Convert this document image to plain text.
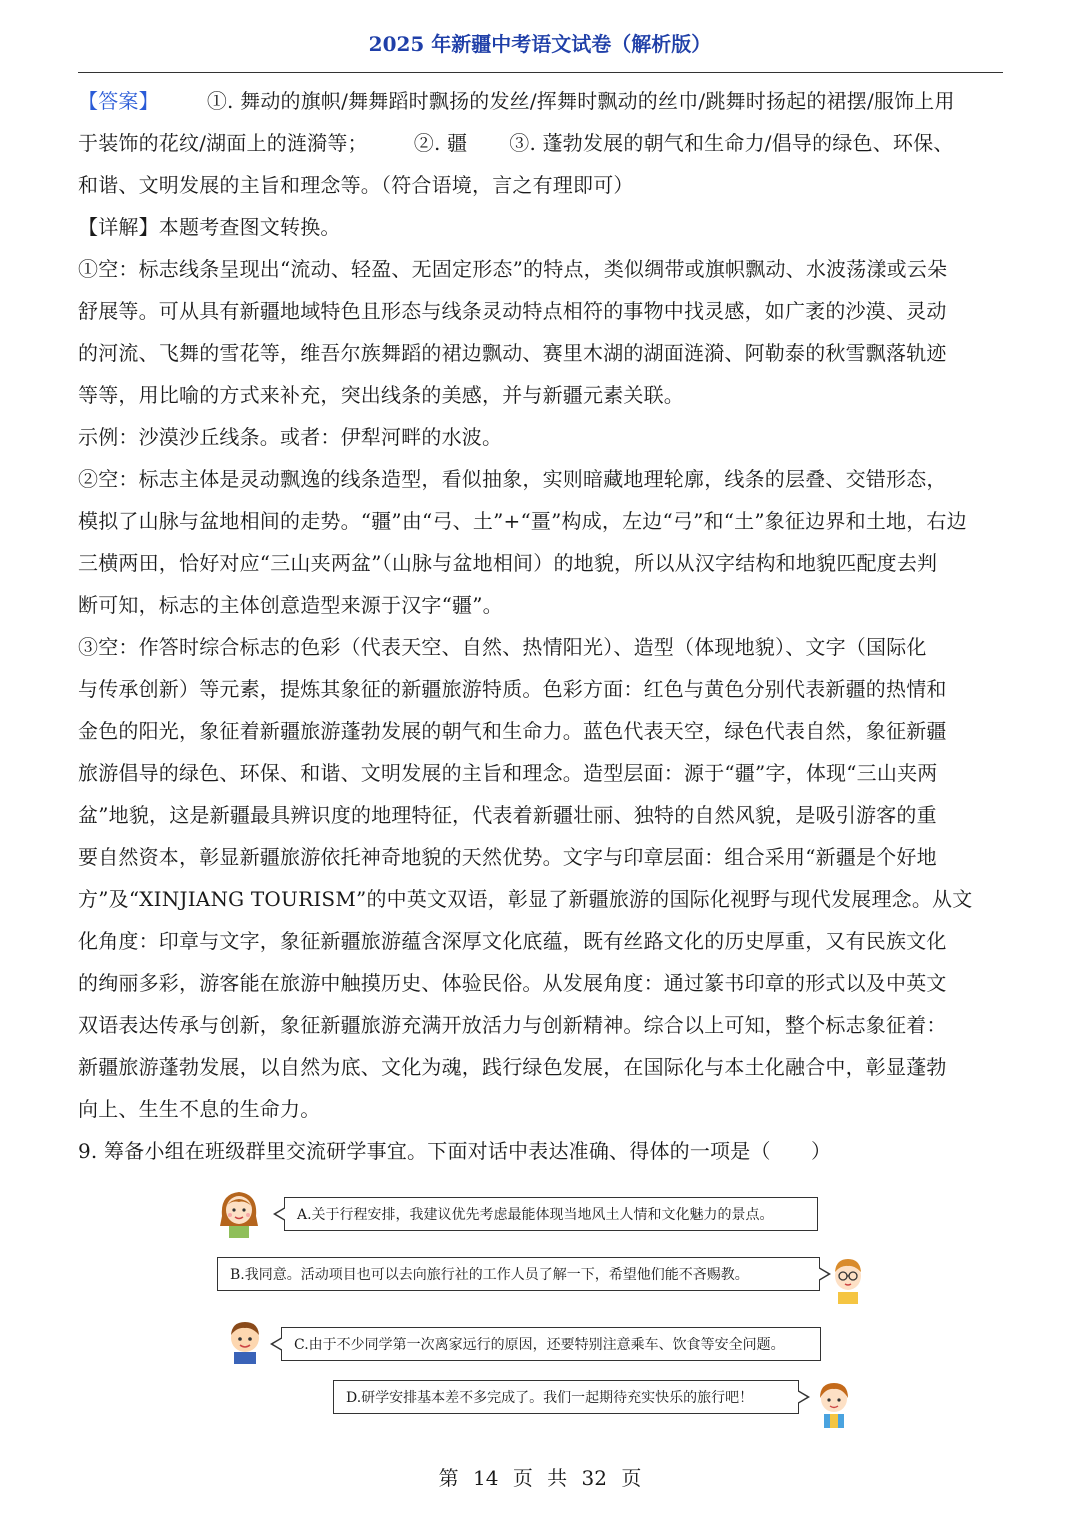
2025 年新疆中考语文试卷（解析版）

【答案】 ①. 舞动的旗帜/舞舞蹈时飘扬的发丝/挥舞时飘动的丝巾/跳舞时扬起的裙摆/服饰上用

于装饰的花纹/湖面上的涟漪等； ②. 疆 ③. 蓬勃发展的朝气和生命力/倡导的绿色、环保、

和谐、文明发展的主旨和理念等。（符合语境，言之有理即可）

【详解】本题考查图文转换。

①空：标志线条呈现出“流动、轻盈、无固定形态”的特点，类似绸带或旗帜飘动、水波荡漾或云朵

舒展等。可从具有新疆地域特色且形态与线条灵动特点相符的事物中找灵感，如广袤的沙漠、灵动

的河流、飞舞的雪花等，维吾尔族舞蹈的裙边飘动、赛里木湖的湖面涟漪、阿勒泰的秋雪飘落轨迹

等等，用比喻的方式来补充，突出线条的美感，并与新疆元素关联。

示例：沙漠沙丘线条。或者：伊犁河畔的水波。

②空：标志主体是灵动飘逸的线条造型，看似抽象，实则暗藏地理轮廓，线条的层叠、交错形态，

模拟了山脉与盆地相间的走势。“疆”由“弓、土”+“畺”构成，左边“弓”和“土”象征边界和土地，右边

三横两田，恰好对应“三山夹两盆”（山脉与盆地相间）的地貌，所以从汉字结构和地貌匹配度去判

断可知，标志的主体创意造型来源于汉字“疆”。

③空：作答时综合标志的色彩（代表天空、自然、热情阳光）、造型（体现地貌）、文字（国际化

与传承创新）等元素，提炼其象征的新疆旅游特质。色彩方面：红色与黄色分别代表新疆的热情和

金色的阳光，象征着新疆旅游蓬勃发展的朝气和生命力。蓝色代表天空，绿色代表自然，象征新疆

旅游倡导的绿色、环保、和谐、文明发展的主旨和理念。造型层面：源于“疆”字，体现“三山夹两

盆”地貌，这是新疆最具辨识度的地理特征，代表着新疆壮丽、独特的自然风貌，是吸引游客的重

要自然资本，彰显新疆旅游依托神奇地貌的天然优势。文字与印章层面：组合采用“新疆是个好地

方”及“XINJIANG TOURISM”的中英文双语，彰显了新疆旅游的国际化视野与现代发展理念。从文

化角度：印章与文字，象征新疆旅游蕴含深厚文化底蕴，既有丝路文化的历史厚重，又有民族文化

的绚丽多彩，游客能在旅游中触摸历史、体验民俗。从发展角度：通过篆书印章的形式以及中英文

双语表达传承与创新，象征新疆旅游充满开放活力与创新精神。综合以上可知，整个标志象征着：

新疆旅游蓬勃发展，以自然为底、文化为魂，践行绿色发展，在国际化与本土化融合中，彰显蓬勃

向上、生生不息的生命力。

9. 筹备小组在班级群里交流研学事宜。下面对话中表达准确、得体的一项是（　　）

A.关于行程安排，我建议优先考虑最能体现当地风土人情和文化魅力的景点。
B.我同意。活动项目也可以去向旅行社的工作人员了解一下，希望他们能不吝赐教。
C.由于不少同学第一次离家远行的原因，还要特别注意乘车、饮食等安全问题。
D.研学安排基本差不多完成了。我们一起期待充实快乐的旅行吧！
第 14 页 共 32 页
